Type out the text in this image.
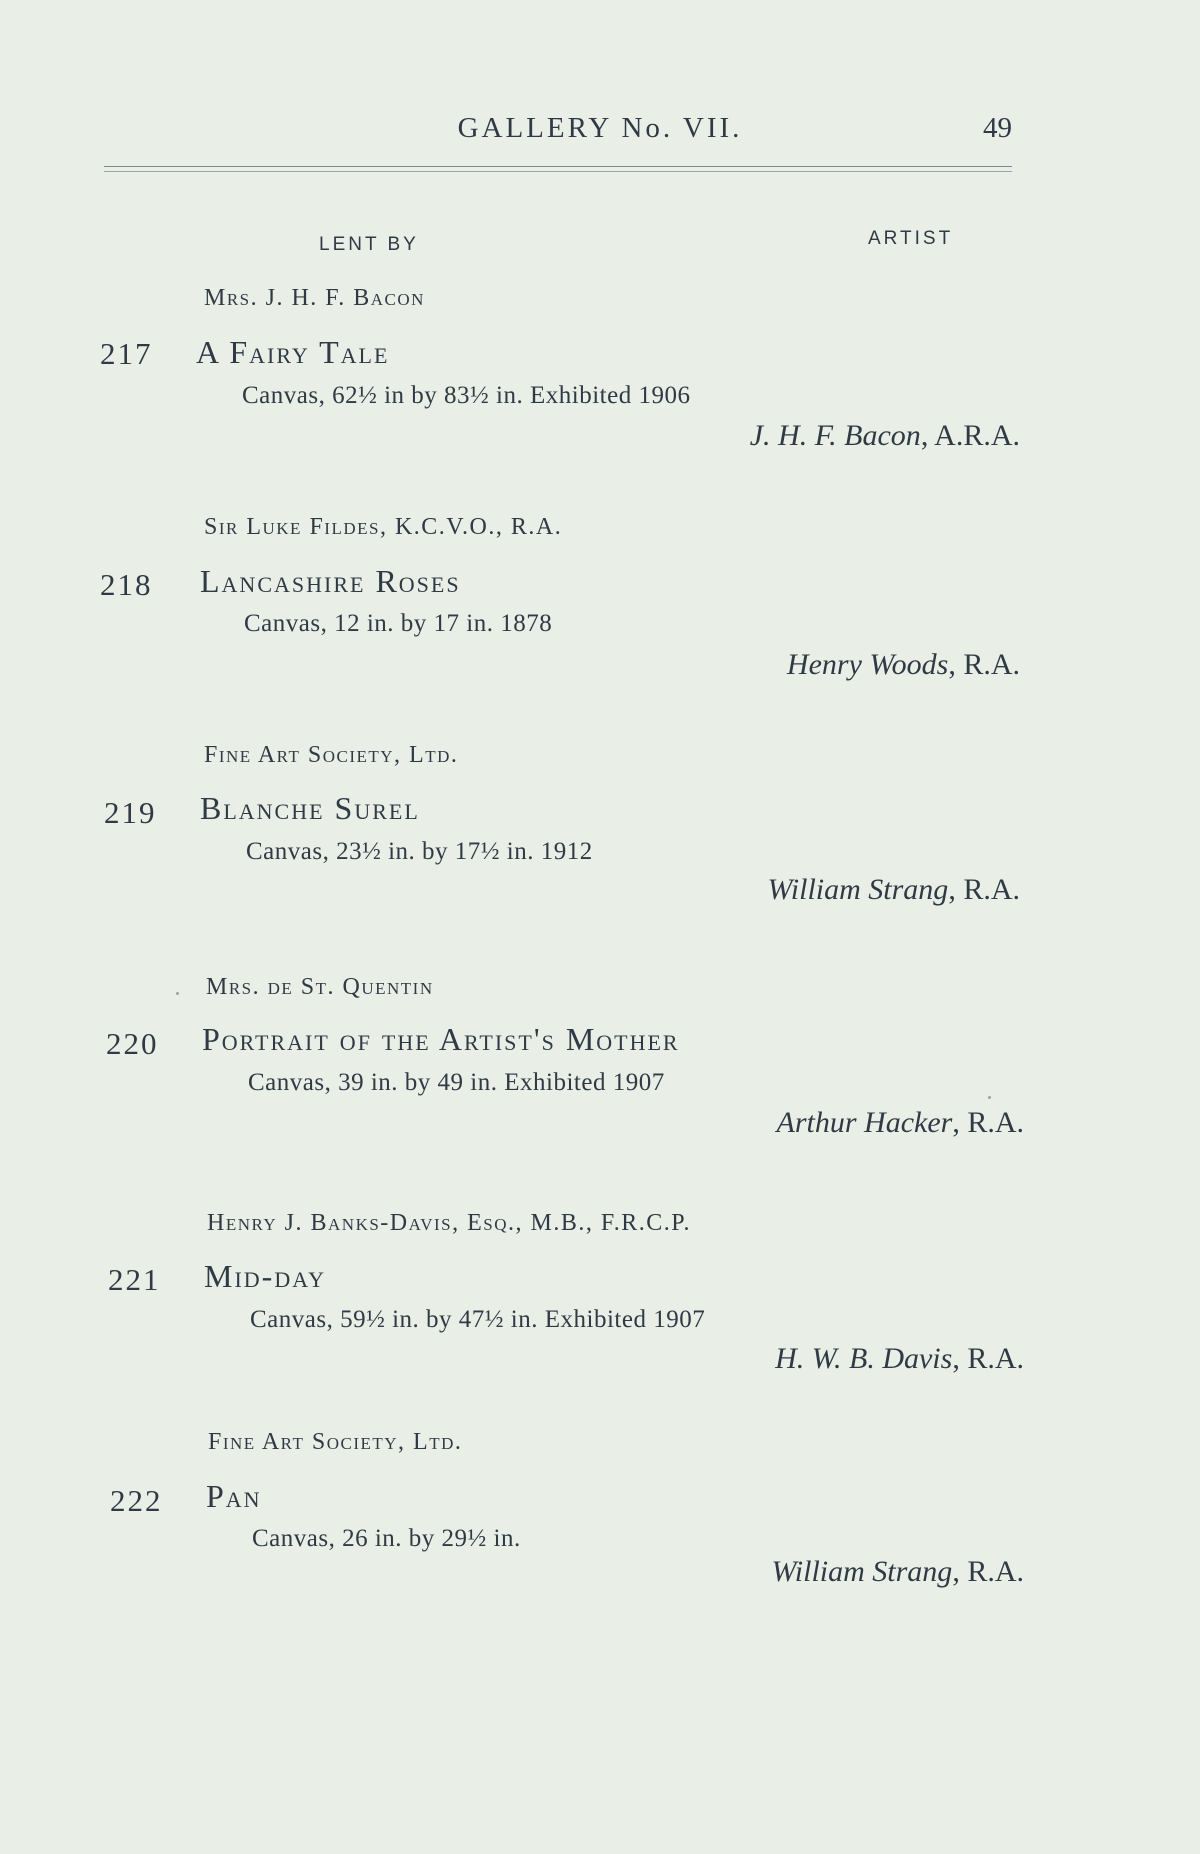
GALLERY No. VII.	49
LENT BY	ARTIST
Mrs. J. H. F. Bacon
217 A Fairy Tale
Canvas, 62½ in by 83½ in. Exhibited 1906
J. H. F. Bacon, A.R.A.
Sir Luke Fildes, K.C.V.O., R.A.
218 Lancashire Roses
Canvas, 12 in. by 17 in. 1878
Henry Woods, R.A.
Fine Art Society, Ltd.
219 Blanche Surel
Canvas, 23½ in. by 17½ in. 1912
William Strang, R.A.
Mrs. de St. Quentin
220 Portrait of the Artist's Mother
Canvas, 39 in. by 49 in. Exhibited 1907
Arthur Hacker, R.A.
Henry J. Banks-Davis, Esq., M.B., F.R.C.P.
221 Mid-day
Canvas, 59½ in. by 47½ in. Exhibited 1907
H. W. B. Davis, R.A.
Fine Art Society, Ltd.
222 Pan
Canvas, 26 in. by 29½ in.
William Strang, R.A.
